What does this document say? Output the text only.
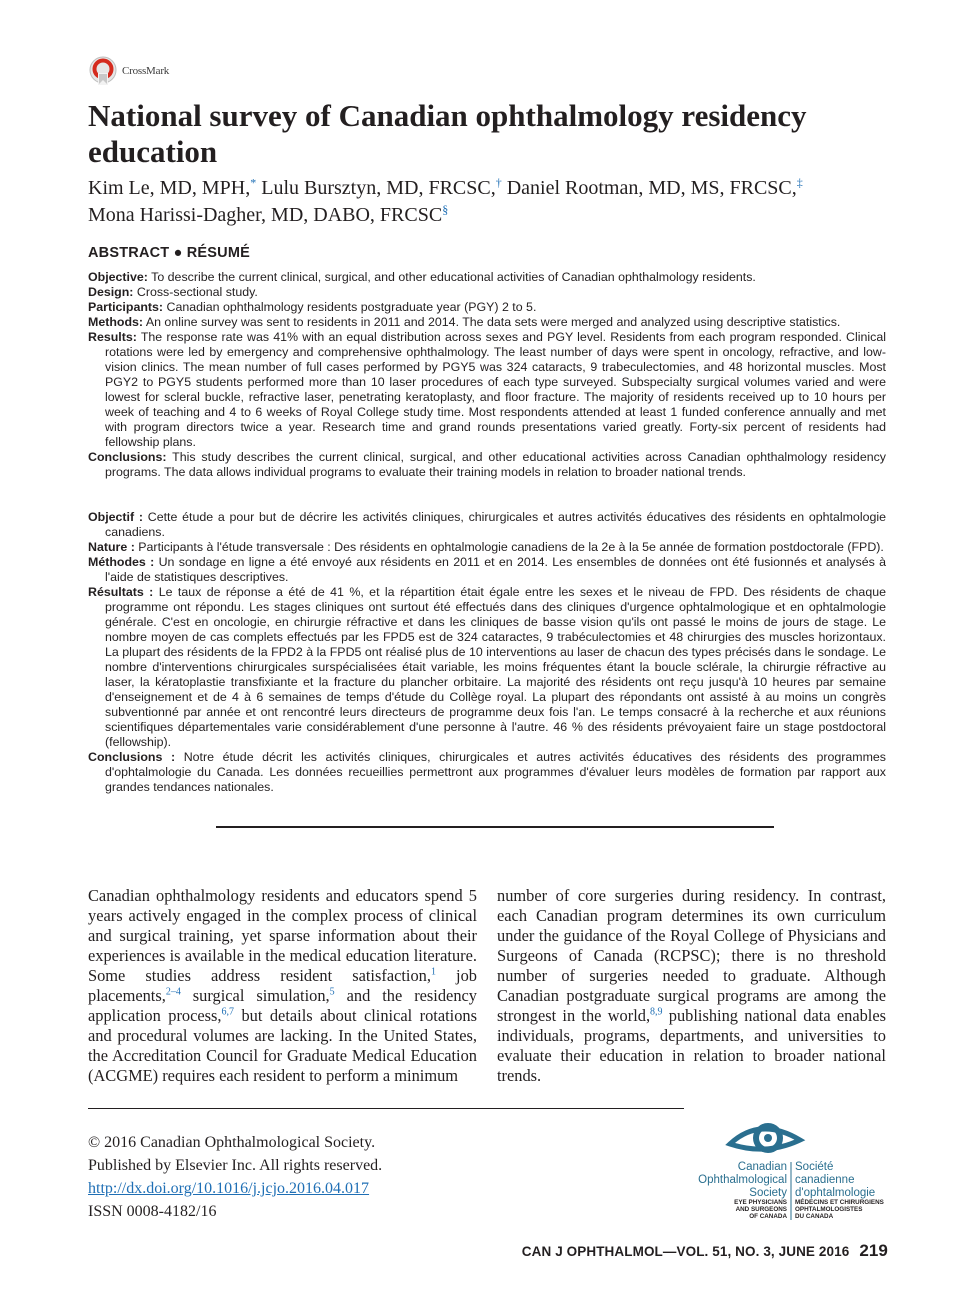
CrossMark
National survey of Canadian ophthalmology residency education

Kim Le, MD, MPH,* Lulu Bursztyn, MD, FRCSC,† Daniel Rootman, MD, MS, FRCSC,‡
Mona Harissi-Dagher, MD, DABO, FRCSC§

ABSTRACT ● RÉSUMÉ

Objective: To describe the current clinical, surgical, and other educational activities of Canadian ophthalmology residents.

Design: Cross-sectional study.

Participants: Canadian ophthalmology residents postgraduate year (PGY) 2 to 5.

Methods: An online survey was sent to residents in 2011 and 2014. The data sets were merged and analyzed using descriptive statistics.

Results: The response rate was 41% with an equal distribution across sexes and PGY level. Residents from each program responded. Clinical rotations were led by emergency and comprehensive ophthalmology. The least number of days were spent in oncology, refractive, and low-vision clinics. The mean number of full cases performed by PGY5 was 324 cataracts, 9 trabeculectomies, and 48 horizontal muscles. Most PGY2 to PGY5 students performed more than 10 laser procedures of each type surveyed. Subspecialty surgical volumes varied and were lowest for scleral buckle, refractive laser, penetrating keratoplasty, and floor fracture. The majority of residents received up to 10 hours per week of teaching and 4 to 6 weeks of Royal College study time. Most respondents attended at least 1 funded conference annually and met with program directors twice a year. Research time and grand rounds presentations varied greatly. Forty-six percent of residents had fellowship plans.

Conclusions: This study describes the current clinical, surgical, and other educational activities across Canadian ophthalmology residency programs. The data allows individual programs to evaluate their training models in relation to broader national trends.

Objectif : Cette étude a pour but de décrire les activités cliniques, chirurgicales et autres activités éducatives des résidents en ophtalmologie canadiens.

Nature : Participants à l'étude transversale : Des résidents en ophtalmologie canadiens de la 2e à la 5e année de formation postdoctorale (FPD).

Méthodes : Un sondage en ligne a été envoyé aux résidents en 2011 et en 2014. Les ensembles de données ont été fusionnés et analysés à l'aide de statistiques descriptives.

Résultats : Le taux de réponse a été de 41 %, et la répartition était égale entre les sexes et le niveau de FPD. Des résidents de chaque programme ont répondu. Les stages cliniques ont surtout été effectués dans des cliniques d'urgence ophtalmologique et en ophtalmologie générale. C'est en oncologie, en chirurgie réfractive et dans les cliniques de basse vision qu'ils ont passé le moins de jours de stage. Le nombre moyen de cas complets effectués par les FPD5 est de 324 cataractes, 9 trabéculectomies et 48 chirurgies des muscles horizontaux. La plupart des résidents de la FPD2 à la FPD5 ont réalisé plus de 10 interventions au laser de chacun des types précisés dans le sondage. Le nombre d'interventions chirurgicales surspécialisées était variable, les moins fréquentes étant la boucle sclérale, la chirurgie réfractive au laser, la kératoplastie transfixiante et la fracture du plancher orbitaire. La majorité des résidents ont reçu jusqu'à 10 heures par semaine d'enseignement et de 4 à 6 semaines de temps d'étude du Collège royal. La plupart des répondants ont assisté à au moins un congrès subventionné par année et ont rencontré leurs directeurs de programme deux fois l'an. Le temps consacré à la recherche et aux réunions scientifiques départementales varie considérablement d'une personne à l'autre. 46 % des résidents prévoyaient faire un stage postdoctoral (fellowship).

Conclusions : Notre étude décrit les activités cliniques, chirurgicales et autres activités éducatives des résidents des programmes d'ophtalmologie du Canada. Les données recueillies permettront aux programmes d'évaluer leurs modèles de formation par rapport aux grandes tendances nationales.

Canadian ophthalmology residents and educators spend 5 years actively engaged in the complex process of clinical and surgical training, yet sparse information about their experiences is available in the medical education literature. Some studies address resident satisfaction,$^1$ job placements,$^{2-4}$ surgical simulation,$^5$ and the residency application process,$^{6,7}$ but details about clinical rotations and procedural volumes are lacking. In the United States, the Accreditation Council for Graduate Medical Education (ACGME) requires each resident to perform a minimum

number of core surgeries during residency. In contrast, each Canadian program determines its own curriculum under the guidance of the Royal College of Physicians and Surgeons of Canada (RCPSC); there is no threshold number of surgeries needed to graduate. Although Canadian postgraduate surgical programs are among the strongest in the world,$^{8,9}$ publishing national data enables individuals, programs, departments, and universities to evaluate their education in relation to broader national trends.

© 2016 Canadian Ophthalmological Society.
Published by Elsevier Inc. All rights reserved.
http://dx.doi.org/10.1016/j.jcjo.2016.04.017
ISSN 0008-4182/16
Canadian
Ophthalmological
Society
Société
canadienne
d'ophtalmologie
EYE PHYSICIANS
AND SURGEONS
OF CANADA
MÉDECINS ET CHIRURGIENS
OPHTALMOLOGISTES
DU CANADA
CAN J OPHTHALMOL—VOL. 51, NO. 3, JUNE 2016 219
